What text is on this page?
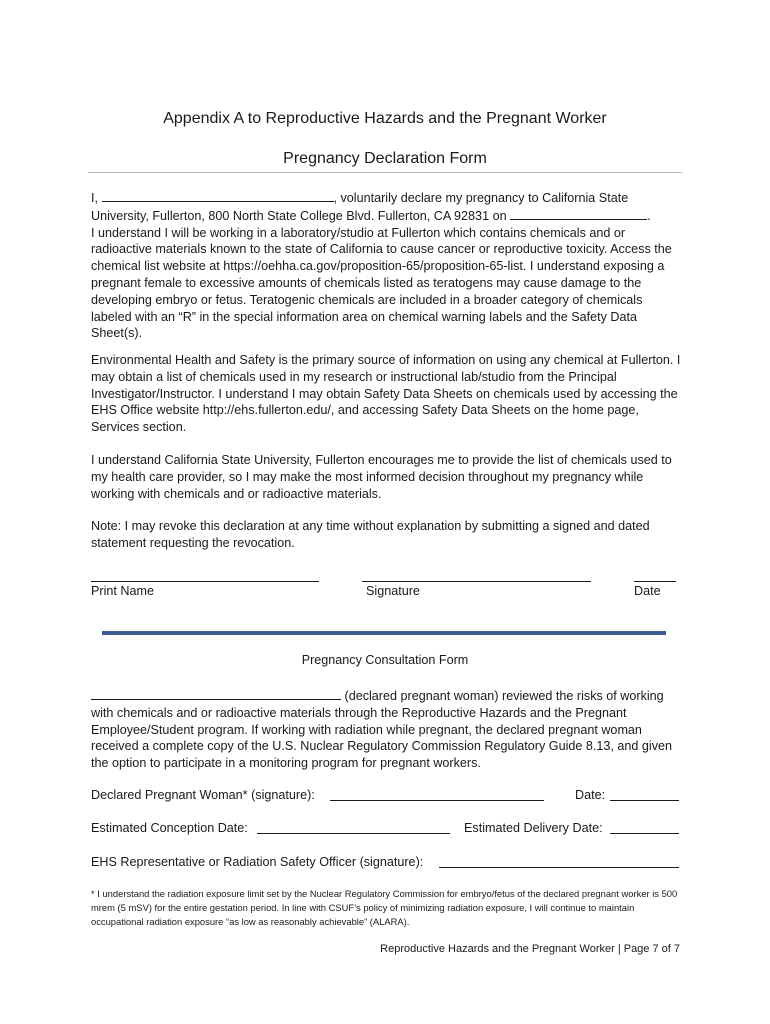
Appendix A to Reproductive Hazards and the Pregnant Worker
Pregnancy Declaration Form

I,	, voluntarily declare my pregnancy to California State University, Fullerton, 800 North State College Blvd. Fullerton, CA 92831 on	.
I understand I will be working in a laboratory/studio at Fullerton which contains chemicals and or radioactive materials known to the state of California to cause cancer or reproductive toxicity. Access the chemical list website at https://oehha.ca.gov/proposition-65/proposition-65-list. I understand exposing a pregnant female to excessive amounts of chemicals listed as teratogens may cause damage to the developing embryo or fetus. Teratogenic chemicals are included in a broader category of chemicals labeled with an “R” in the special information area on chemical warning labels and the Safety Data Sheet(s).

Environmental Health and Safety is the primary source of information on using any chemical at Fullerton. I may obtain a list of chemicals used in my research or instructional lab/studio from the Principal Investigator/Instructor. I understand I may obtain Safety Data Sheets on chemicals used by accessing the EHS Office website http://ehs.fullerton.edu/, and accessing Safety Data Sheets on the home page, Services section.
I understand California State University, Fullerton encourages me to provide the list of chemicals used to my health care provider, so I may make the most informed decision throughout my pregnancy while working with chemicals and or radioactive materials.
Note: I may revoke this declaration at any time without explanation by submitting a signed and dated statement requesting the revocation.
Print Name	Signature	Date
Pregnancy Consultation Form

(declared pregnant woman) reviewed the risks of working with chemicals and or radioactive materials through the Reproductive Hazards and the Pregnant Employee/Student program. If working with radiation while pregnant, the declared pregnant woman received a complete copy of the U.S. Nuclear Regulatory Commission Regulatory Guide 8.13, and given the option to participate in a monitoring program for pregnant workers.

Declared Pregnant Woman* (signature):	Date:
Estimated Conception Date:	Estimated Delivery Date:
EHS Representative or Radiation Safety Officer (signature):
* I understand the radiation exposure limit set by the Nuclear Regulatory Commission for embryo/fetus of the declared pregnant worker is 500 mrem (5 mSV) for the entire gestation period. In line with CSUF’s policy of minimizing radiation exposure, I will continue to maintain occupational radiation exposure “as low as reasonably achievable” (ALARA).
Reproductive Hazards and the Pregnant Worker | Page 7 of 7
